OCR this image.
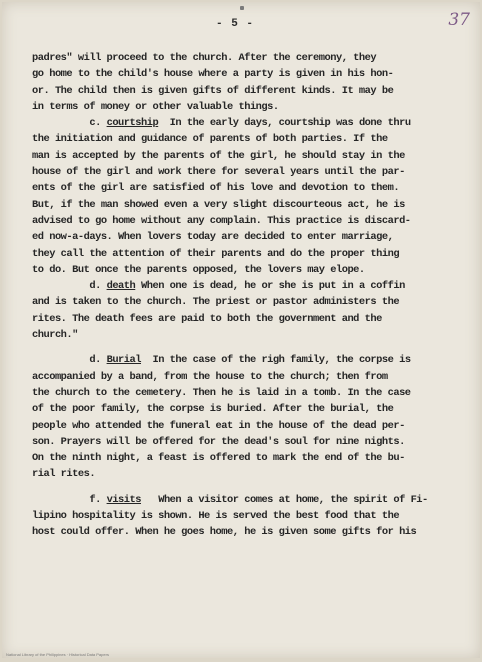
- 5 -	37
padres" will proceed to the church. After the ceremony, they
go home to the child's house where a party is given in his hon-
or. The child then is given gifts of different kinds. It may be
in terms of money or other valuable things.
c. courtship  In the early days, courtship was done thru
the initiation and guidance of parents of both parties. If the
man is accepted by the parents of the girl, he should stay in the
house of the girl and work there for several years until the par-
ents of the girl are satisfied of his love and devotion to them.
But, if the man showed even a very slight discourteous act, he is
advised to go home without any complain. This practice is discard-
ed now-a-days. When lovers today are decided to enter marriage,
they call the attention of their parents and do the proper thing
to do. But once the parents opposed, the lovers may elope.
d. death When one is dead, he or she is put in a coffin
and is taken to the church. The priest or pastor administers the
rites. The death fees are paid to both the government and the
church."
d. Burial  In the case of the righ family, the corpse is
accompanied by a band, from the house to the church; then from
the church to the cemetery. Then he is laid in a tomb. In the case
of the poor family, the corpse is buried. After the burial, the
people who attended the funeral eat in the house of the dead per-
son. Prayers will be offered for the dead's soul for nine nights.
On the ninth night, a feast is offered to mark the end of the bu-
rial rites.
f. visits   When a visitor comes at home, the spirit of Fi-
lipino hospitality is shown. He is served the best food that the
host could offer. When he goes home, he is given some gifts for his
National Library of the Philippines · Historical Data Papers
